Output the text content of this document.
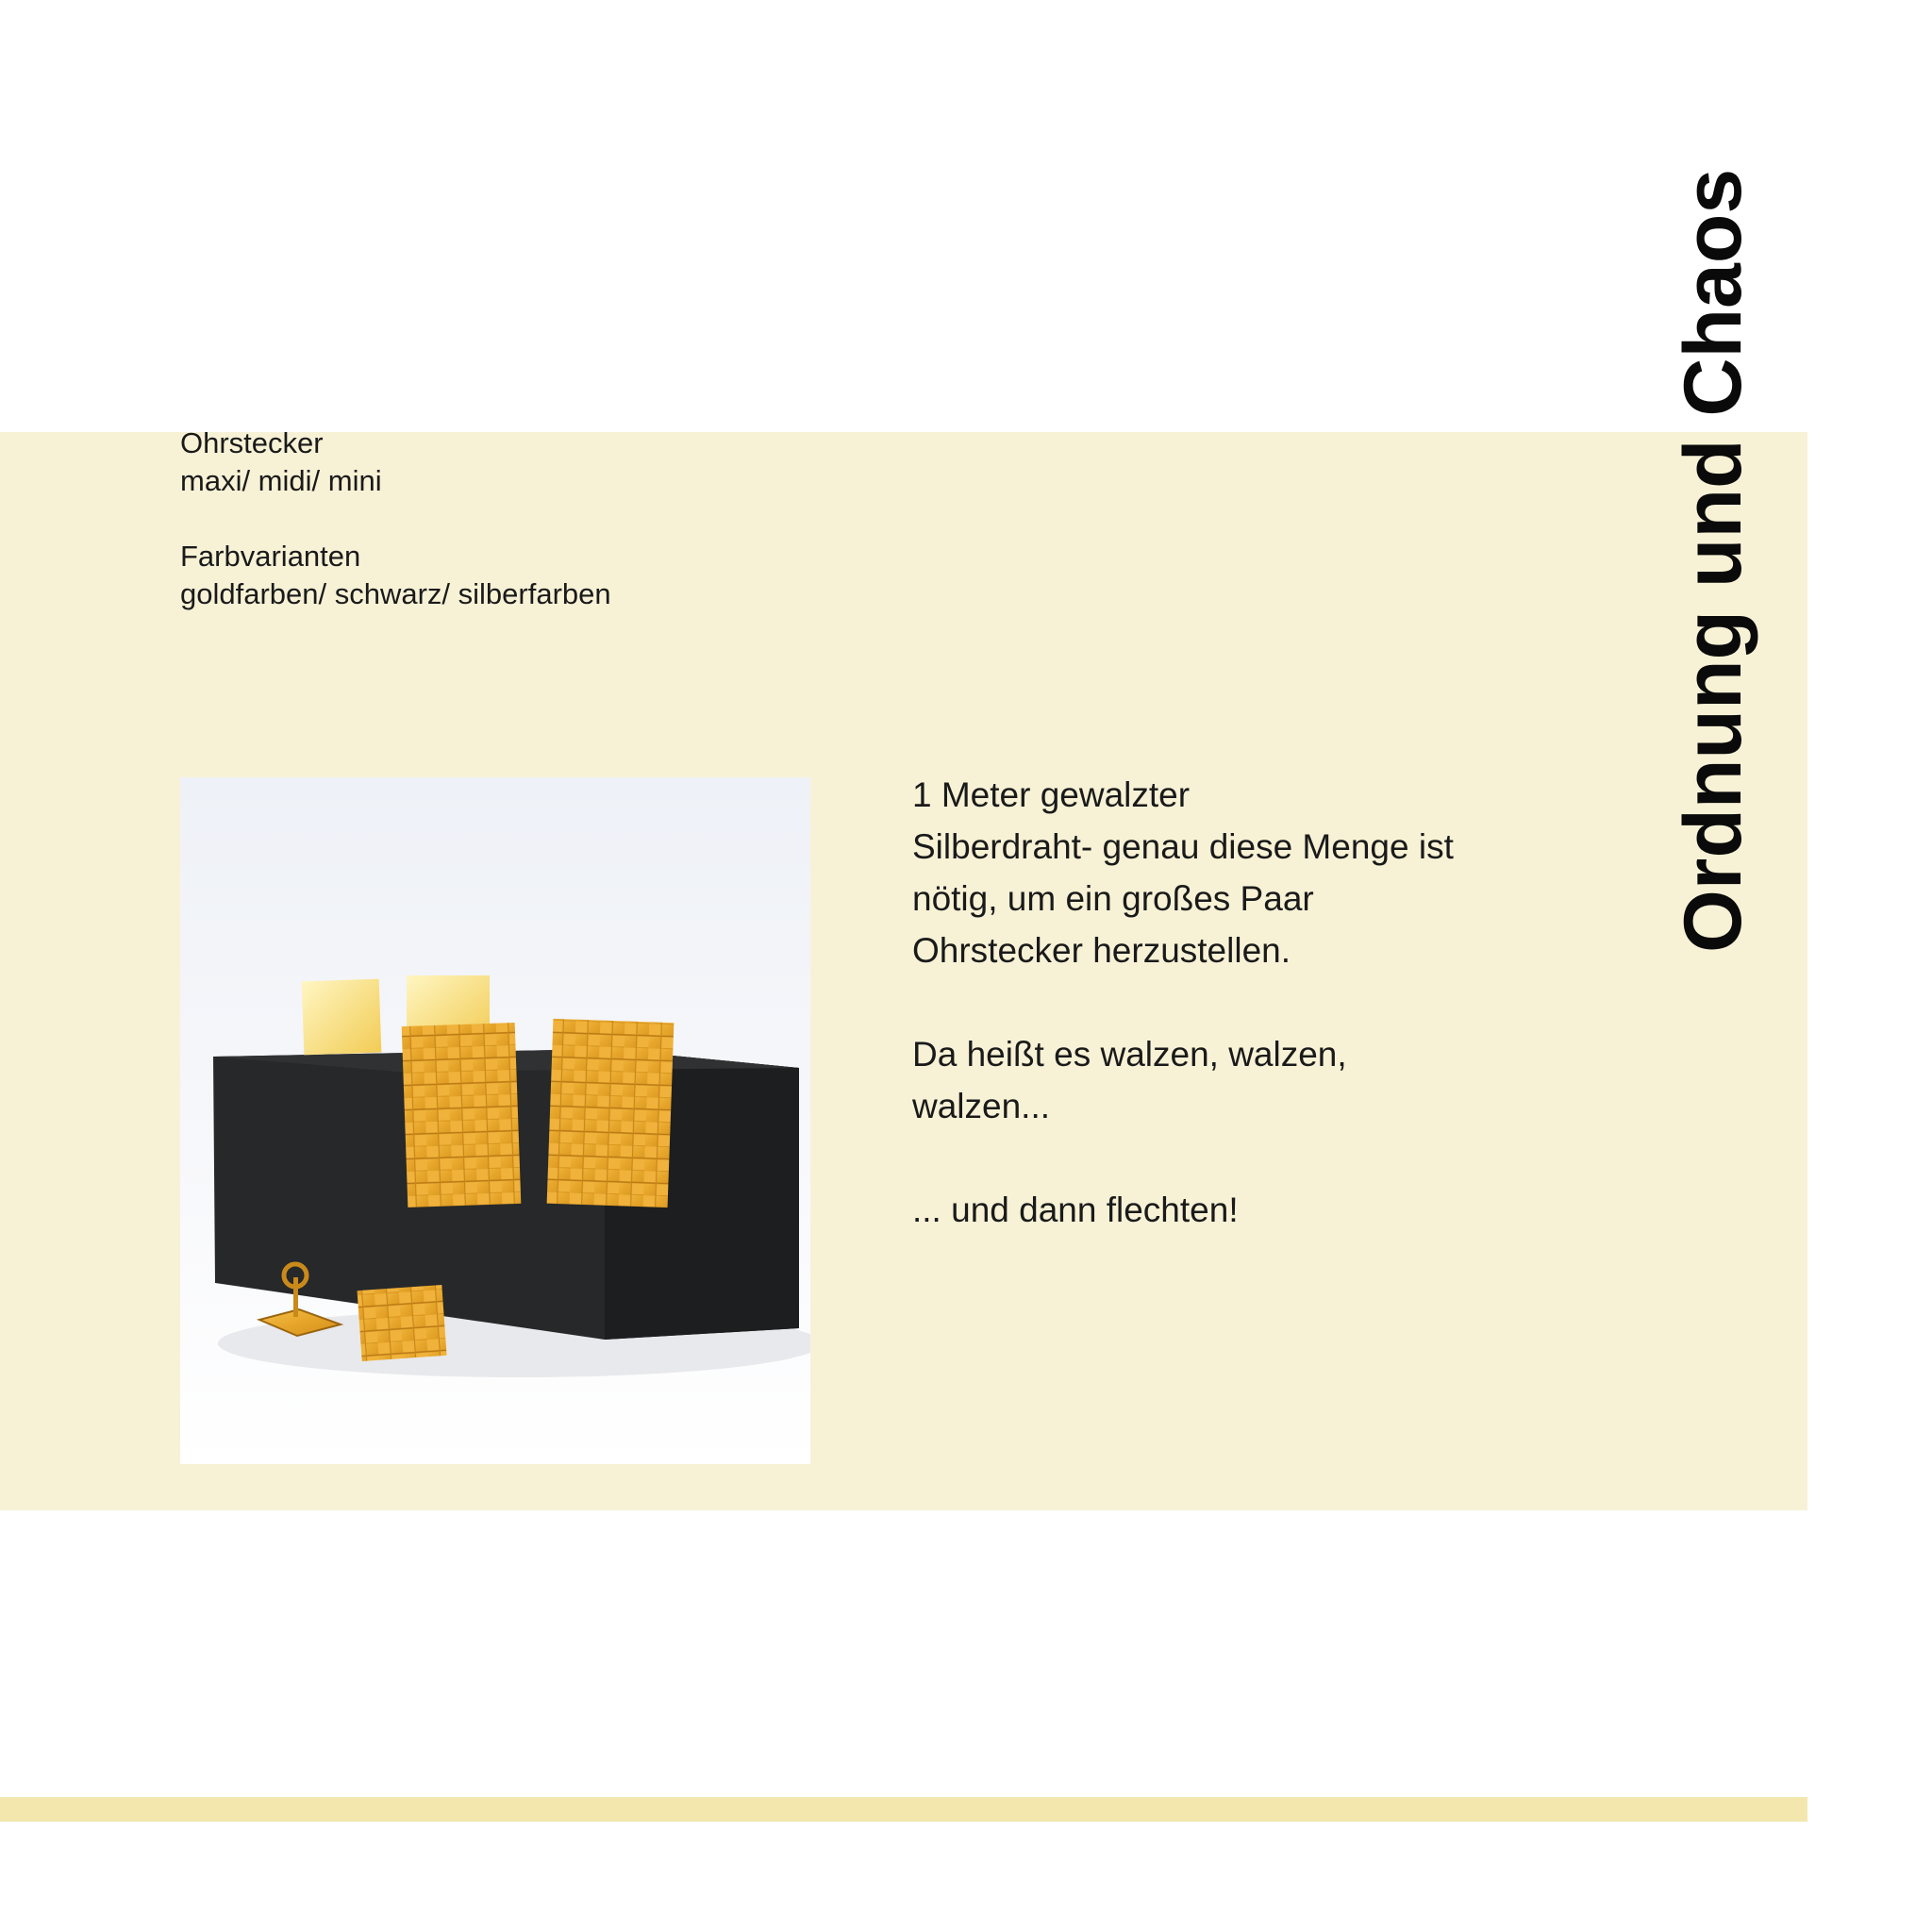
Ohrstecker
maxi/ midi/ mini
Farbvarianten
goldfarben/ schwarz/ silberfarben
1 Meter gewalzter
Silberdraht- genau diese Menge ist
nötig, um ein großes Paar
Ohrstecker herzustellen.
Da heißt es walzen, walzen,
walzen...
... und dann flechten!
Ordnung und Chaos
